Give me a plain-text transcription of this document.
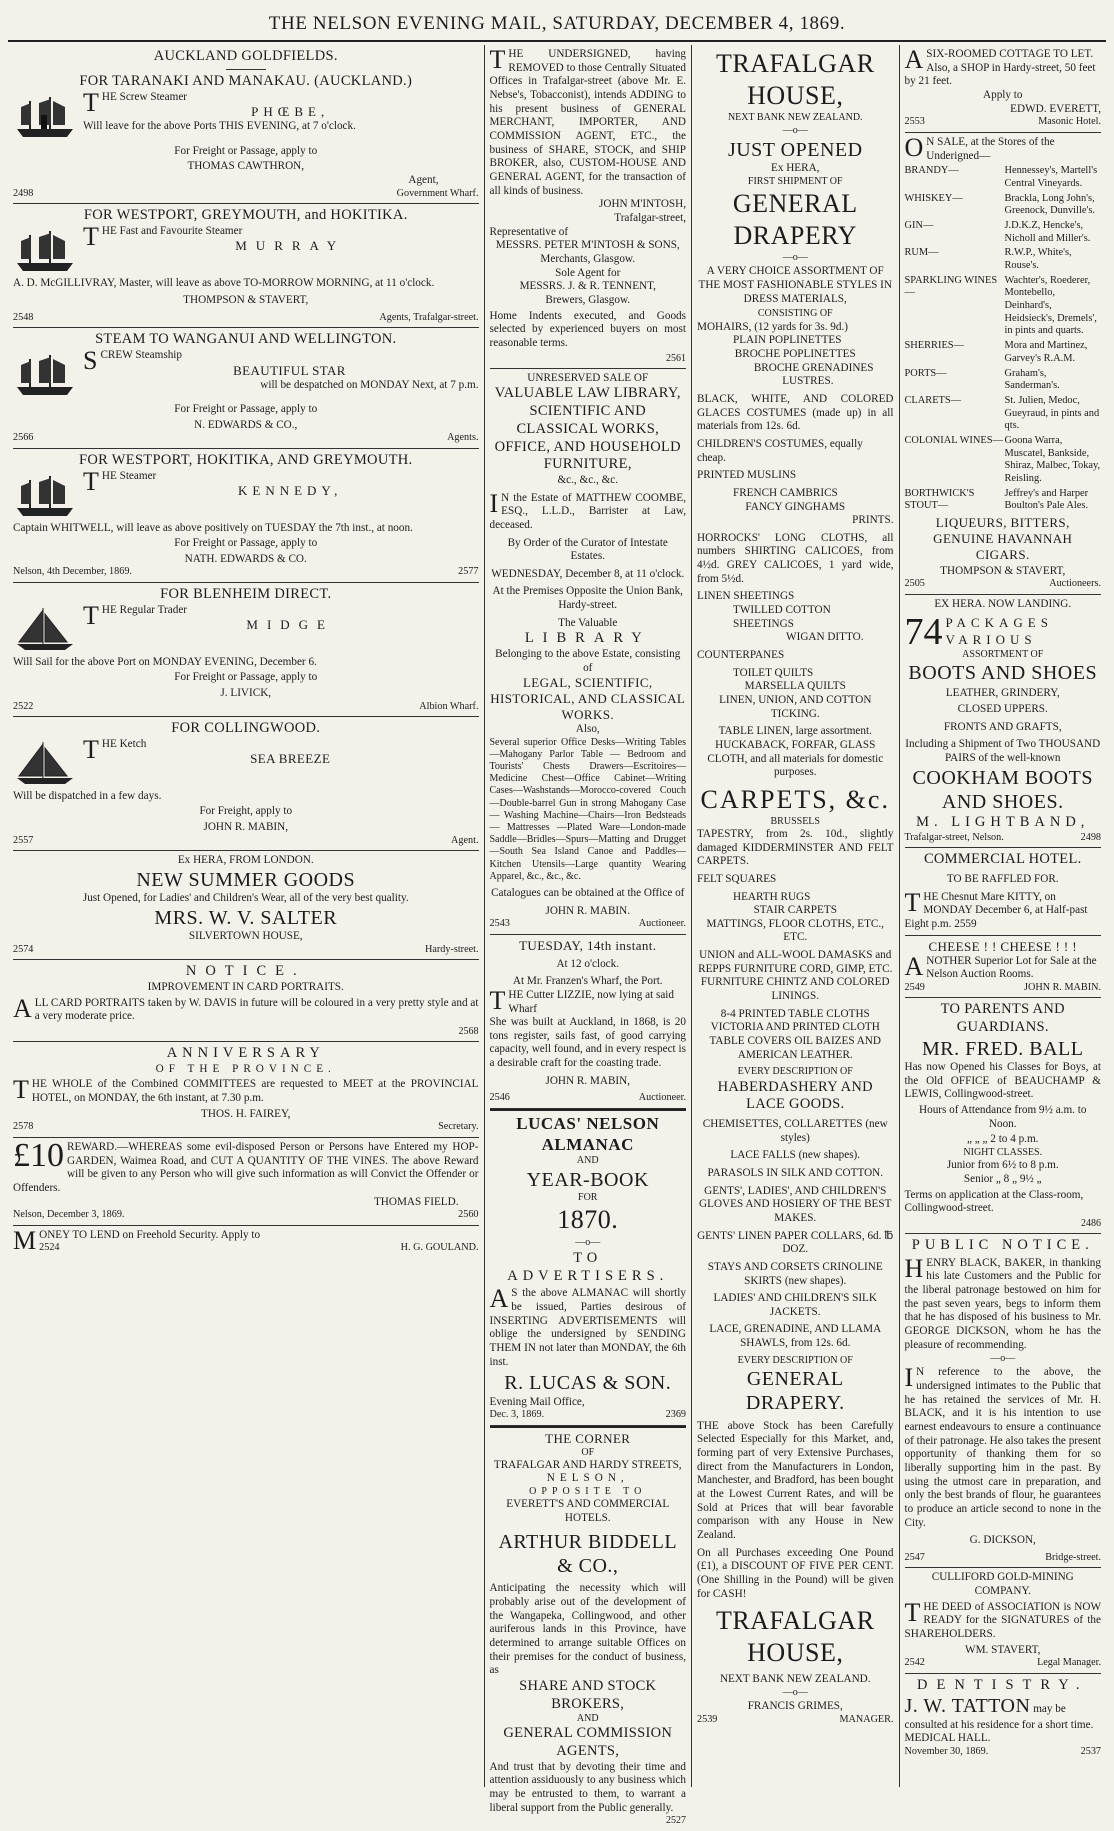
THE NELSON EVENING MAIL, SATURDAY, DECEMBER 4, 1869.
AUCKLAND GOLDFIELDS.
FOR TARANAKI AND MANAKAU. (AUCKLAND.)
THE Screw Steamer
PHŒBE,
Will leave for the above Ports THIS EVENING, at 7 o'clock.
For Freight or Passage, apply to
THOMAS CAWTHRON,
Agent,
2498	Government Wharf.
FOR WESTPORT, GREYMOUTH, and HOKITIKA.
THE Fast and Favourite Steamer
MURRAY
A. D. McGILLIVRAY, Master, will leave as above TO-MORROW MORNING, at 11 o'clock.
THOMPSON & STAVERT,
2548	Agents, Trafalgar-street.
STEAM TO WANGANUI AND WELLINGTON.
SCREW Steamship
BEAUTIFUL STAR
will be despatched on MONDAY Next, at 7 p.m.
For Freight or Passage, apply to
N. EDWARDS & CO.,
2566	Agents.
FOR WESTPORT, HOKITIKA, AND GREYMOUTH.
THE Steamer
KENNEDY,
Captain WHITWELL, will leave as above positively on TUESDAY the 7th inst., at noon.
For Freight or Passage, apply to
NATH. EDWARDS & CO.
Nelson, 4th December, 1869.	2577
FOR BLENHEIM DIRECT.
THE Regular Trader
MIDGE
Will Sail for the above Port on MONDAY EVENING, December 6.
For Freight or Passage, apply to
J. LIVICK,
2522	Albion Wharf.
FOR COLLINGWOOD.
THE Ketch
SEA BREEZE
Will be dispatched in a few days.
For Freight, apply to
JOHN R. MABIN,
2557	Agent.
Ex HERA, FROM LONDON.
NEW SUMMER GOODS
Just Opened, for Ladies' and Children's Wear, all of the very best quality.
MRS. W. V. SALTER
SILVERTOWN HOUSE,
2574	Hardy-street.
NOTICE.
IMPROVEMENT IN CARD PORTRAITS.
ALL CARD PORTRAITS taken by W. DAVIS in future will be coloured in a very pretty style and at a very moderate price.
2568
ANNIVERSARY
OF THE PROVINCE.
THE WHOLE of the Combined COMMITTEES are requested to MEET at the PROVINCIAL HOTEL, on MONDAY, the 6th instant, at 7.30 p.m.
THOS. H. FAIREY,
2578	Secretary.
£10 REWARD.—WHEREAS some evil-disposed Person or Persons have Entered my HOP-GARDEN, Waimea Road, and CUT A QUANTITY OF THE VINES. The above Reward will be given to any Person who will give such information as will Convict the Offender or Offenders.
THOMAS FIELD.
Nelson, December 3, 1869.	2560
MONEY TO LEND on Freehold Security. Apply to
2524	H. G. GOULAND.
THE UNDERSIGNED, having REMOVED to those Centrally Situated Offices in Trafalgar-street (above Mr. E. Nebse's, Tobacconist), intends ADDING to his present business of GENERAL MERCHANT, IMPORTER, AND COMMISSION AGENT, ETC., the business of SHARE, STOCK, and SHIP BROKER, also, CUSTOM-HOUSE AND GENERAL AGENT, for the transaction of all kinds of business.
JOHN M'INTOSH,
Trafalgar-street,
Representative of
MESSRS. PETER M'INTOSH & SONS,
Merchants, Glasgow.
Sole Agent for
MESSRS. J. & R. TENNENT,
Brewers, Glasgow.
Home Indents executed, and Goods selected by experienced buyers on most reasonable terms.
2561
UNRESERVED SALE OF
VALUABLE LAW LIBRARY,
SCIENTIFIC AND CLASSICAL WORKS,
OFFICE, AND HOUSEHOLD FURNITURE,
&c., &c., &c.
I N the Estate of MATTHEW COOMBE, ESQ., L.L.D., Barrister at Law, deceased.
By Order of the Curator of Intestate Estates.
WEDNESDAY, December 8, at 11 o'clock.
At the Premises Opposite the Union Bank, Hardy-street.
The Valuable
LIBRARY
Belonging to the above Estate, consisting of
LEGAL, SCIENTIFIC, HISTORICAL, AND CLASSICAL WORKS.
Also,
Several superior Office Desks—Writing Tables—Mahogany Parlor Table — Bedroom and Tourists' Chests Drawers—Escritoires—Medicine Chest—Office Cabinet—Writing Cases—Washstands—Morocco-covered Couch—Double-barrel Gun in strong Mahogany Case — Washing Machine—Chairs—Iron Bedsteads — Mattresses —Plated Ware—London-made Saddle—Bridles—Spurs—Matting and Drugget—South Sea Island Canoe and Paddles—Kitchen Utensils—Large quantity Wearing Apparel, &c., &c., &c.
Catalogues can be obtained at the Office of
JOHN R. MABIN.
2543	Auctioneer.
TUESDAY, 14th instant.
At 12 o'clock.
At Mr. Franzen's Wharf, the Port.
THE Cutter LIZZIE, now lying at said Wharf
She was built at Auckland, in 1868, is 20 tons register, sails fast, of good carrying capacity, well found, and in every respect is a desirable craft for the coasting trade.
JOHN R. MABIN,
2546	Auctioneer.
LUCAS' NELSON ALMANAC
AND
YEAR-BOOK
FOR
1870.
—o—
TO ADVERTISERS.
A S the above ALMANAC will shortly be issued, Parties desirous of INSERTING ADVERTISEMENTS will oblige the undersigned by SENDING THEM IN not later than MONDAY, the 6th inst.
R. LUCAS & SON.
Evening Mail Office,
Dec. 3, 1869.	2369
THE CORNER
OF
TRAFALGAR AND HARDY STREETS,
NELSON,
OPPOSITE TO
EVERETT'S AND COMMERCIAL HOTELS.
ARTHUR BIDDELL & CO.,
Anticipating the necessity which will probably arise out of the development of the Wangapeka, Collingwood, and other auriferous lands in this Province, have determined to arrange suitable Offices on their premises for the conduct of business, as
SHARE AND STOCK BROKERS,
AND
GENERAL COMMISSION AGENTS,
And trust that by devoting their time and attention assiduously to any business which may be entrusted to them, to warrant a liberal support from the Public generally.
2527
TRAFALGAR HOUSE,
NEXT BANK NEW ZEALAND.
—o—
JUST OPENED
Ex HERA,
FIRST SHIPMENT OF
GENERAL DRAPERY
—o—
A VERY CHOICE ASSORTMENT OF THE MOST FASHIONABLE STYLES IN DRESS MATERIALS,
CONSISTING OF
MOHAIRS, (12 yards for 3s. 9d.)
PLAIN POPLINETTES
BROCHE POPLINETTES
BROCHE GRENADINES
LUSTRES.
BLACK, WHITE, AND COLORED GLACES COSTUMES (made up) in all materials from 12s. 6d.
CHILDREN'S COSTUMES, equally cheap.
PRINTED MUSLINS
FRENCH CAMBRICS
FANCY GINGHAMS
PRINTS.
HORROCKS' LONG CLOTHS, all numbers SHIRTING CALICOES, from 4½d. GREY CALICOES, 1 yard wide, from 5½d.
LINEN SHEETINGS
TWILLED COTTON SHEETINGS
WIGAN DITTO.
COUNTERPANES
TOILET QUILTS
MARSELLA QUILTS
LINEN, UNION, AND COTTON TICKING.
TABLE LINEN, large assortment. HUCKABACK, FORFAR, GLASS CLOTH, and all materials for domestic purposes.
CARPETS, &c.
BRUSSELS
TAPESTRY, from 2s. 10d., slightly damaged KIDDERMINSTER AND FELT CARPETS.
FELT SQUARES
HEARTH RUGS
STAIR CARPETS
MATTINGS, FLOOR CLOTHS, ETC., ETC.
UNION and ALL-WOOL DAMASKS and REPPS FURNITURE CORD, GIMP, ETC. FURNITURE CHINTZ AND COLORED LININGS.
8-4 PRINTED TABLE CLOTHS VICTORIA AND PRINTED CLOTH TABLE COVERS OIL BAIZES AND AMERICAN LEATHER.
EVERY DESCRIPTION OF
HABERDASHERY AND LACE GOODS.
CHEMISETTES, COLLARETTES (new styles)
LACE FALLS (new shapes).
PARASOLS IN SILK AND COTTON.
GENTS', LADIES', AND CHILDREN'S GLOVES AND HOSIERY OF THE BEST MAKES.
GENTS' LINEN PAPER COLLARS, 6d. ℔ DOZ.
STAYS AND CORSETS CRINOLINE SKIRTS (new shapes).
LADIES' AND CHILDREN'S SILK JACKETS.
LACE, GRENADINE, AND LLAMA SHAWLS, from 12s. 6d.
EVERY DESCRIPTION OF
GENERAL DRAPERY.
THE above Stock has been Carefully Selected Especially for this Market, and, forming part of very Extensive Purchases, direct from the Manufacturers in London, Manchester, and Bradford, has been bought at the Lowest Current Rates, and will be Sold at Prices that will bear favorable comparison with any House in New Zealand.
On all Purchases exceeding One Pound (£1), a DISCOUNT OF FIVE PER CENT. (One Shilling in the Pound) will be given for CASH!
TRAFALGAR HOUSE,
NEXT BANK NEW ZEALAND.
—o—
FRANCIS GRIMES,
2539	MANAGER.
ASIX-ROOMED COTTAGE TO LET. Also, a SHOP in Hardy-street, 50 feet by 21 feet.
Apply to
EDWD. EVERETT,
2553	Masonic Hotel.
O N SALE, at the Stores of the Underigned—
BRANDY—	Hennessey's, Martell's Central Vineyards.
WHISKEY—	Brackla, Long John's, Greenock, Dunville's.
GIN—	J.D.K.Z, Hencke's, Nicholl and Miller's.
RUM—	R.W.P., White's, Rouse's.
SPARKLING WINES—
Wachter's, Roederer, Montebello, Deinhard's, Heidsieck's, Dremels', in pints and quarts.
SHERRIES—	Mora and Martinez, Garvey's R.A.M.
PORTS—	Graham's, Sanderman's.
CLARETS—	St. Julien, Medoc, Gueyraud, in pints and qts.
COLONIAL WINES— Goona Warra, Muscatel, Bankside, Shiraz, Malbec, Tokay, Reisling.
BORTHWICK'S STOUT—
Jeffrey's and Harper Boulton's Pale Ales.
LIQUEURS, BITTERS, GENUINE HAVANNAH CIGARS.
THOMPSON & STAVERT,
2505	Auctioneers.
EX HERA. NOW LANDING.
74 PACKAGES VARIOUS
ASSORTMENT OF
BOOTS AND SHOES
LEATHER, GRINDERY,
CLOSED UPPERS.
FRONTS AND GRAFTS,
Including a Shipment of Two THOUSAND PAIRS of the well-known
COOKHAM BOOTS AND SHOES.
M. LIGHTBAND,
Trafalgar-street, Nelson.	2498
COMMERCIAL HOTEL.
TO BE RAFFLED FOR.
THE Chesnut Mare KITTY, on MONDAY December 6, at Half-past Eight p.m. 2559
CHEESE ! ! CHEESE ! ! !
ANOTHER Superior Lot for Sale at the Nelson Auction Rooms.
2549	JOHN R. MABIN.
TO PARENTS AND GUARDIANS.
MR. FRED. BALL
Has now Opened his Classes for Boys, at the Old OFFICE of BEAUCHAMP & LEWIS, Collingwood-street.
Hours of Attendance from 9½ a.m. to Noon.
„ „ „ 2 to 4 p.m.
NIGHT CLASSES.
Junior from 6½ to 8 p.m.
Senior „ 8 „ 9½ „
Terms on application at the Class-room, Collingwood-street.
2486
PUBLIC NOTICE.
HENRY BLACK, BAKER, in thanking his late Customers and the Public for the liberal patronage bestowed on him for the past seven years, begs to inform them that he has disposed of his business to Mr. GEORGE DICKSON, whom he has the pleasure of recommending.
—o—
I N reference to the above, the undersigned intimates to the Public that he has retained the services of Mr. H. BLACK, and it is his intention to use earnest endeavours to ensure a continuance of their patronage. He also takes the present opportunity of thanking them for so liberally supporting him in the past. By using the utmost care in preparation, and only the best brands of flour, he guarantees to produce an article second to none in the City.
G. DICKSON,
2547	Bridge-street.
CULLIFORD GOLD-MINING COMPANY.
THE DEED of ASSOCIATION is NOW READY for the SIGNATURES of the SHAREHOLDERS.
WM. STAVERT,
2542	Legal Manager.
DENTISTRY.
J. W. TATTON may be consulted at his residence for a short time. MEDICAL HALL.
November 30, 1869.	2537
